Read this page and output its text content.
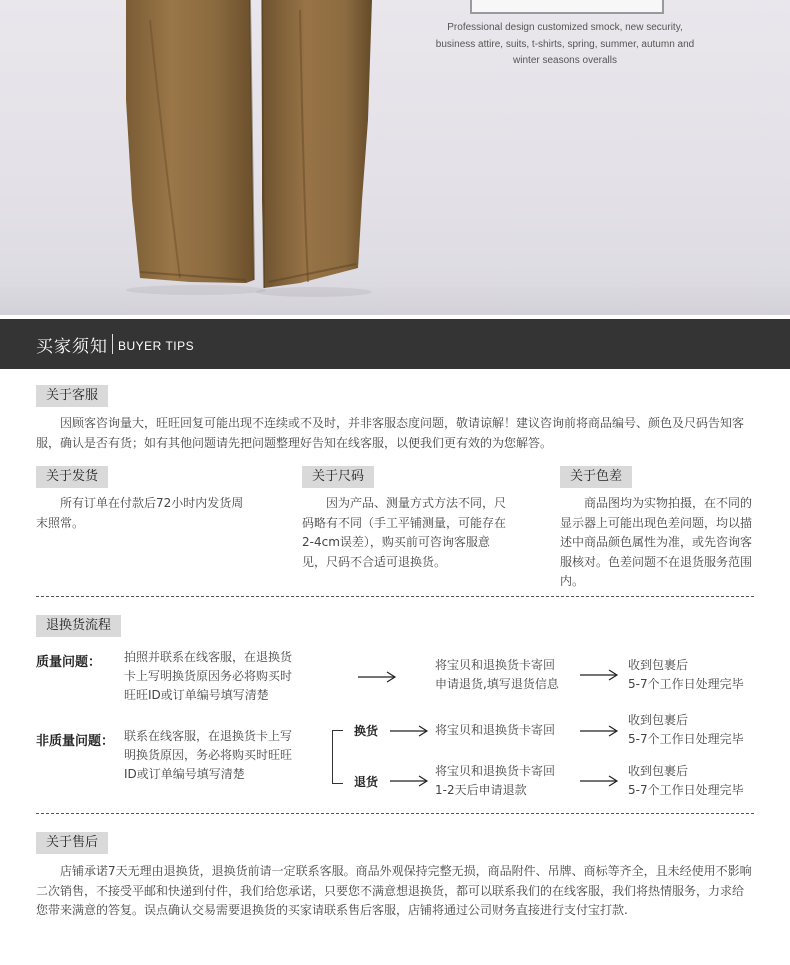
Professional design customized smock, new security,
business attire, suits, t-shirts, spring, summer, autumn and
winter seasons overalls
买家须知 BUYER TIPS
关于客服

因顾客咨询量大，旺旺回复可能出现不连续或不及时，并非客服态度问题，敬请谅解！建议咨询前将商品编号、颜色及尺码告知客服，确认是否有货；如有其他问题请先把问题整理好告知在线客服，以便我们更有效的为您解答。

关于发货

所有订单在付款后72小时内发货周末照常。

关于尺码

因为产品、测量方式方法不同，尺码略有不同（手工平铺测量，可能存在2-4cm误差），购买前可咨询客服意见，尺码不合适可退换货。

关于色差

商品图均为实物拍摄，在不同的显示器上可能出现色差问题，均以描述中商品颜色属性为准，或先咨询客服核对。色差问题不在退货服务范围内。

退换货流程
质量问题： 拍照并联系在线客服，在退换货
卡上写明换货原因务必将购买时
旺旺ID或订单编号填写清楚
将宝贝和退换货卡寄回
申请退货,填写退货信息
收到包裹后
5-7个工作日处理完毕
非质量问题： 联系在线客服，在退换货卡上写
明换货原因，务必将购买时旺旺
ID或订单编号填写清楚
换货	将宝贝和退换货卡寄回
收到包裹后
5-7个工作日处理完毕
退货
将宝贝和退换货卡寄回
1-2天后申请退款
收到包裹后
5-7个工作日处理完毕
关于售后

店铺承诺7天无理由退换货，退换货前请一定联系客服。商品外观保持完整无损，商品附件、吊牌、商标等齐全，且未经使用不影响二次销售，不接受平邮和快递到付件，我们给您承诺，只要您不满意想退换货，都可以联系我们的在线客服，我们将热情服务，力求给您带来满意的答复。误点确认交易需要退换货的买家请联系售后客服，店铺将通过公司财务直接进行支付宝打款.
